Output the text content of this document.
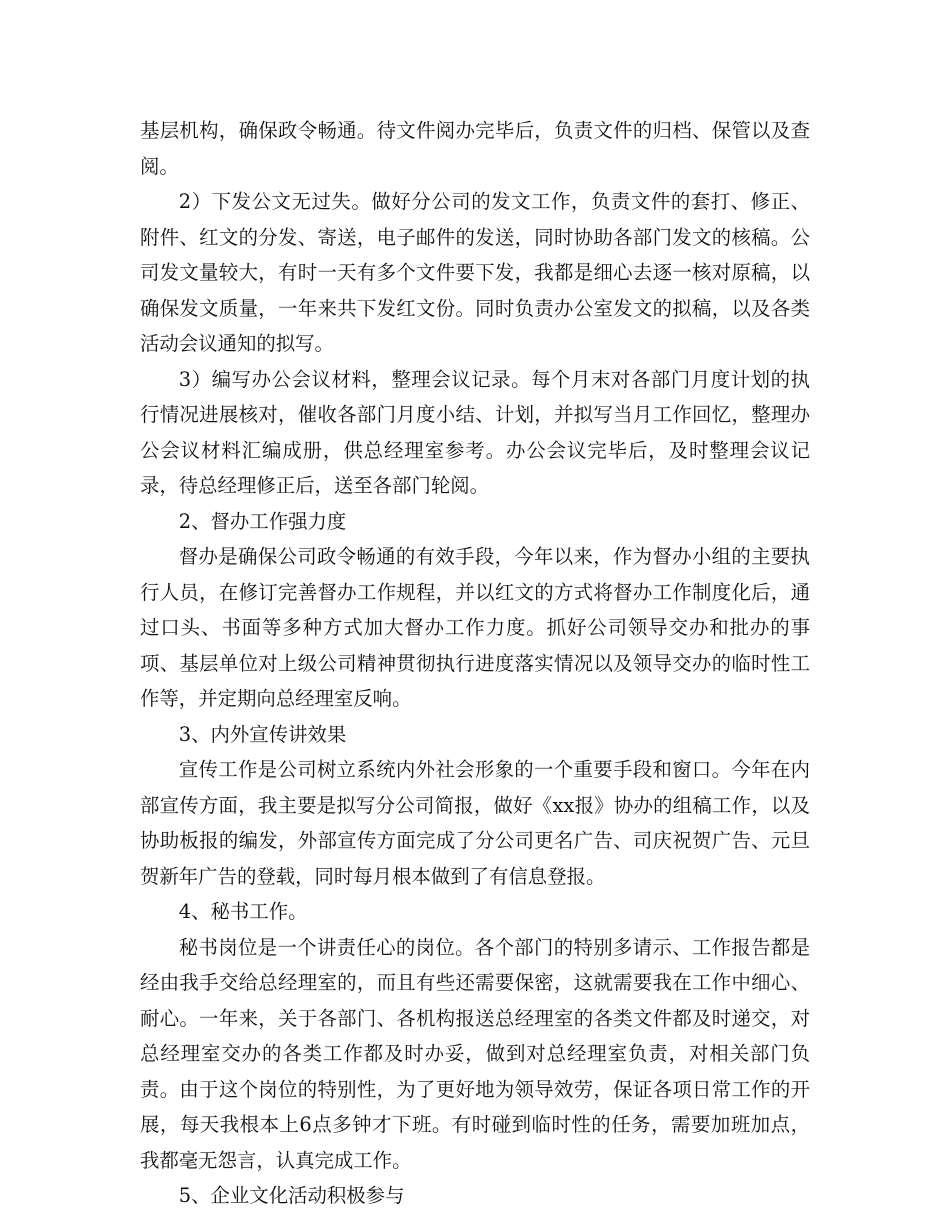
基层机构，确保政令畅通。待文件阅办完毕后，负责文件的归档、保管以及查阅。

2）下发公文无过失。做好分公司的发文工作，负责文件的套打、修正、附件、红文的分发、寄送，电子邮件的发送，同时协助各部门发文的核稿。公司发文量较大，有时一天有多个文件要下发，我都是细心去逐一核对原稿，以确保发文质量，一年来共下发红文份。同时负责办公室发文的拟稿，以及各类活动会议通知的拟写。

3）编写办公会议材料，整理会议记录。每个月末对各部门月度计划的执行情况进展核对，催收各部门月度小结、计划，并拟写当月工作回忆，整理办公会议材料汇编成册，供总经理室参考。办公会议完毕后，及时整理会议记录，待总经理修正后，送至各部门轮阅。

2、督办工作强力度

督办是确保公司政令畅通的有效手段，今年以来，作为督办小组的主要执行人员，在修订完善督办工作规程，并以红文的方式将督办工作制度化后，通过口头、书面等多种方式加大督办工作力度。抓好公司领导交办和批办的事项、基层单位对上级公司精神贯彻执行进度落实情况以及领导交办的临时性工作等，并定期向总经理室反响。

3、内外宣传讲效果

宣传工作是公司树立系统内外社会形象的一个重要手段和窗口。今年在内部宣传方面，我主要是拟写分公司简报，做好《xx报》协办的组稿工作，以及协助板报的编发，外部宣传方面完成了分公司更名广告、司庆祝贺广告、元旦贺新年广告的登载，同时每月根本做到了有信息登报。

4、秘书工作。

秘书岗位是一个讲责任心的岗位。各个部门的特别多请示、工作报告都是经由我手交给总经理室的，而且有些还需要保密，这就需要我在工作中细心、耐心。一年来，关于各部门、各机构报送总经理室的各类文件都及时递交，对总经理室交办的各类工作都及时办妥，做到对总经理室负责，对相关部门负责。由于这个岗位的特别性，为了更好地为领导效劳，保证各项日常工作的开展，每天我根本上6点多钟才下班。有时碰到临时性的任务，需要加班加点，我都毫无怨言，认真完成工作。

5、企业文化活动积极参与
